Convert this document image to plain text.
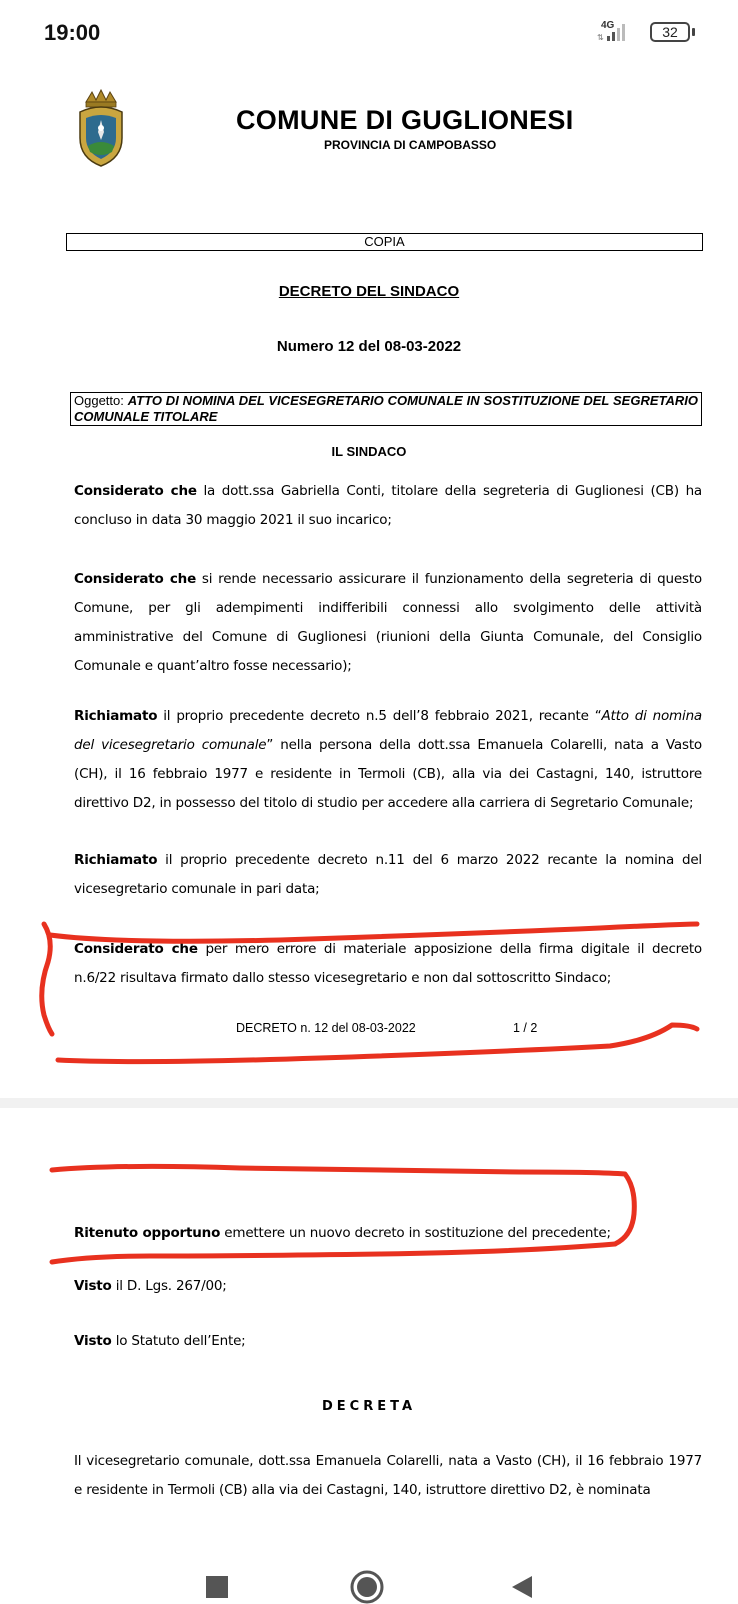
19:00	4G
⇅	32
COMUNE DI GUGLIONESI
PROVINCIA DI CAMPOBASSO
COPIA
DECRETO DEL SINDACO
Numero 12 del 08-03-2022
Oggetto: ATTO DI NOMINA DEL VICESEGRETARIO COMUNALE IN SOSTITUZIONE DEL SEGRETARIO COMUNALE TITOLARE
IL SINDACO
Considerato che la dott.ssa Gabriella Conti, titolare della segreteria di Guglionesi (CB) ha concluso in data 30 maggio 2021 il suo incarico;
Considerato che si rende necessario assicurare il funzionamento della segreteria di questo Comune, per gli adempimenti indifferibili connessi allo svolgimento delle attività amministrative del Comune di Guglionesi (riunioni della Giunta Comunale, del Consiglio Comunale e quant’altro fosse necessario);
Richiamato il proprio precedente decreto n.5 dell’8 febbraio 2021, recante “Atto di nomina del vicesegretario comunale” nella persona della dott.ssa Emanuela Colarelli, nata a Vasto (CH), il 16 febbraio 1977 e residente in Termoli (CB), alla via dei Castagni, 140, istruttore direttivo D2, in possesso del titolo di studio per accedere alla carriera di Segretario Comunale;
Richiamato il proprio precedente decreto n.11 del 6 marzo 2022 recante la nomina del vicesegretario comunale in pari data;
Considerato che per mero errore di materiale apposizione della firma digitale il decreto n.6/22 risultava firmato dallo stesso vicesegretario e non dal sottoscritto Sindaco;
DECRETO n. 12 del 08-03-2022	1 / 2
Ritenuto opportuno emettere un nuovo decreto in sostituzione del precedente;
Visto il D. Lgs. 267/00;
Visto lo Statuto dell’Ente;
DECRETA
Il vicesegretario comunale, dott.ssa Emanuela Colarelli, nata a Vasto (CH), il 16 febbraio 1977 e residente in Termoli (CB) alla via dei Castagni, 140, istruttore direttivo D2, è nominata
